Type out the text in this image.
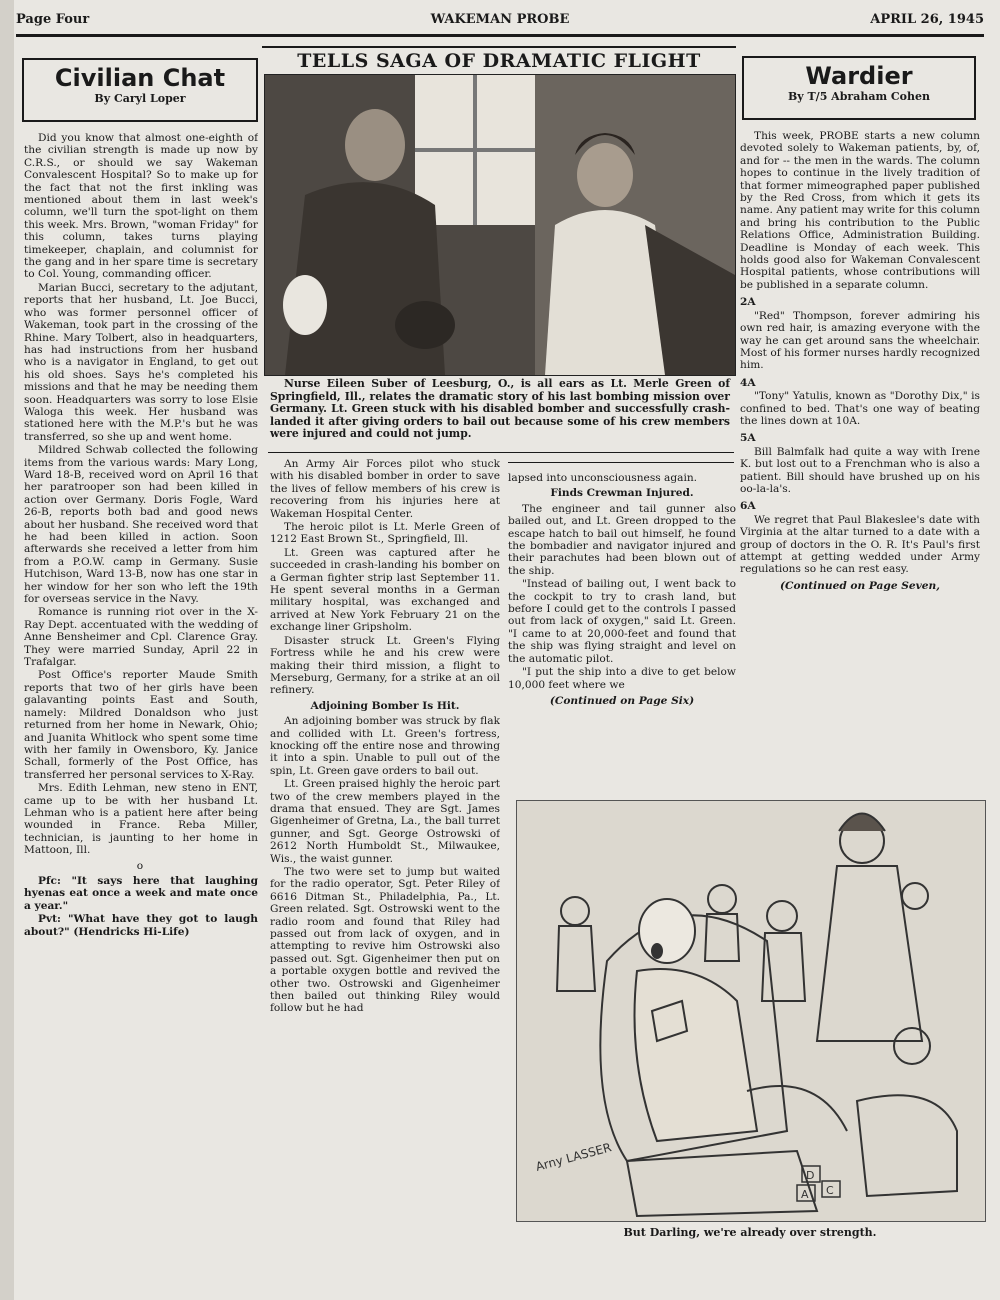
Page Four	WAKEMAN PROBE	APRIL 26, 1945
Civilian Chat
By Caryl Loper

Did you know that almost one-eighth of the civilian strength is made up now by C.R.S., or should we say Wakeman Convalescent Hospital? So to make up for the fact that not the first inkling was mentioned about them in last week's column, we'll turn the spot-light on them this week. Mrs. Brown, "woman Friday" for this column, takes turns playing timekeeper, chaplain, and columnist for the gang and in her spare time is secretary to Col. Young, commanding officer.

Marian Bucci, secretary to the adjutant, reports that her husband, Lt. Joe Bucci, who was former personnel officer of Wakeman, took part in the crossing of the Rhine. Mary Tolbert, also in headquarters, has had instructions from her husband who is a navigator in England, to get out his old shoes. Says he's completed his missions and that he may be needing them soon. Headquarters was sorry to lose Elsie Waloga this week. Her husband was stationed here with the M.P.'s but he was transferred, so she up and went home.

Mildred Schwab collected the following items from the various wards: Mary Long, Ward 18-B, received word on April 16 that her paratrooper son had been killed in action over Germany. Doris Fogle, Ward 26-B, reports both bad and good news about her husband. She received word that he had been killed in action. Soon afterwards she received a letter from him from a P.O.W. camp in Germany. Susie Hutchison, Ward 13-B, now has one star in her window for her son who left the 19th for overseas service in the Navy.

Romance is running riot over in the X-Ray Dept. accentuated with the wedding of Anne Bensheimer and Cpl. Clarence Gray. They were married Sunday, April 22 in Trafalgar.

Post Office's reporter Maude Smith reports that two of her girls have been galavanting points East and South, namely: Mildred Donaldson who just returned from her home in Newark, Ohio; and Juanita Whitlock who spent some time with her family in Owensboro, Ky. Janice Schall, formerly of the Post Office, has transferred her personal services to X-Ray.

Mrs. Edith Lehman, new steno in ENT, came up to be with her husband Lt. Lehman who is a patient here after being wounded in France. Reba Miller, technician, is jaunting to her home in Mattoon, Ill.

o

Pfc: "It says here that laughing hyenas eat once a week and mate once a year."

Pvt: "What have they got to laugh about?" (Hendricks Hi-Life)

TELLS SAGA OF DRAMATIC FLIGHT
Nurse Eileen Suber of Leesburg, O., is all ears as Lt. Merle Green of Springfield, Ill., relates the dramatic story of his last bombing mission over Germany. Lt. Green stuck with his disabled bomber and successfully crash-landed it after giving orders to bail out because some of his crew members were injured and could not jump.

An Army Air Forces pilot who stuck with his disabled bomber in order to save the lives of fellow members of his crew is recovering from his injuries here at Wakeman Hospital Center.

The heroic pilot is Lt. Merle Green of 1212 East Brown St., Springfield, Ill.

Lt. Green was captured after he succeeded in crash-landing his bomber on a German fighter strip last September 11. He spent several months in a German military hospital, was exchanged and arrived at New York February 21 on the exchange liner Gripsholm.

Disaster struck Lt. Green's Flying Fortress while he and his crew were making their third mission, a flight to Merseburg, Germany, for a strike at an oil refinery.

Adjoining Bomber Is Hit.

An adjoining bomber was struck by flak and collided with Lt. Green's fortress, knocking off the entire nose and throwing it into a spin. Unable to pull out of the spin, Lt. Green gave orders to bail out.

Lt. Green praised highly the heroic part two of the crew members played in the drama that ensued. They are Sgt. James Gigenheimer of Gretna, La., the ball turret gunner, and Sgt. George Ostrowski of 2612 North Humboldt St., Milwaukee, Wis., the waist gunner.

The two were set to jump but waited for the radio operator, Sgt. Peter Riley of 6616 Ditman St., Philadelphia, Pa., Lt. Green related. Sgt. Ostrowski went to the radio room and found that Riley had passed out from lack of oxygen, and in attempting to revive him Ostrowski also passed out. Sgt. Gigenheimer then put on a portable oxygen bottle and revived the other two. Ostrowski and Gigenheimer then bailed out thinking Riley would follow but he had

lapsed into unconsciousness again.

Finds Crewman Injured.

The engineer and tail gunner also bailed out, and Lt. Green dropped to the escape hatch to bail out himself, he found the bombadier and navigator injured and their parachutes had been blown out of the ship.

"Instead of bailing out, I went back to the cockpit to try to crash land, but before I could get to the controls I passed out from lack of oxygen," said Lt. Green. "I came to at 20,000-feet and found that the ship was flying straight and level on the automatic pilot.

"I put the ship into a dive to get below 10,000 feet where we

(Continued on Page Six)

Wardier
By T/5 Abraham Cohen

This week, PROBE starts a new column devoted solely to Wakeman patients, by, of, and for -- the men in the wards. The column hopes to continue in the lively tradition of that former mimeographed paper published by the Red Cross, from which it gets its name. Any patient may write for this column and bring his contribution to the Public Relations Office, Administration Building. Deadline is Monday of each week. This holds good also for Wakeman Convalescent Hospital patients, whose contributions will be published in a separate column.

2A

"Red" Thompson, forever admiring his own red hair, is amazing everyone with the way he can get around sans the wheelchair. Most of his former nurses hardly recognized him.

4A

"Tony" Yatulis, known as "Dorothy Dix," is confined to bed. That's one way of beating the lines down at 10A.

5A

Bill Balmfalk had quite a way with Irene K. but lost out to a Frenchman who is also a patient. Bill should have brushed up on his oo-la-la's.

6A

We regret that Paul Blakeslee's date with Virginia at the altar turned to a date with a group of doctors in the O. R. It's Paul's first attempt at getting wedded under Army regulations so he can rest easy.

(Continued on Page Seven,

D
A C
Arny LASSER
But Darling, we're already over strength.
